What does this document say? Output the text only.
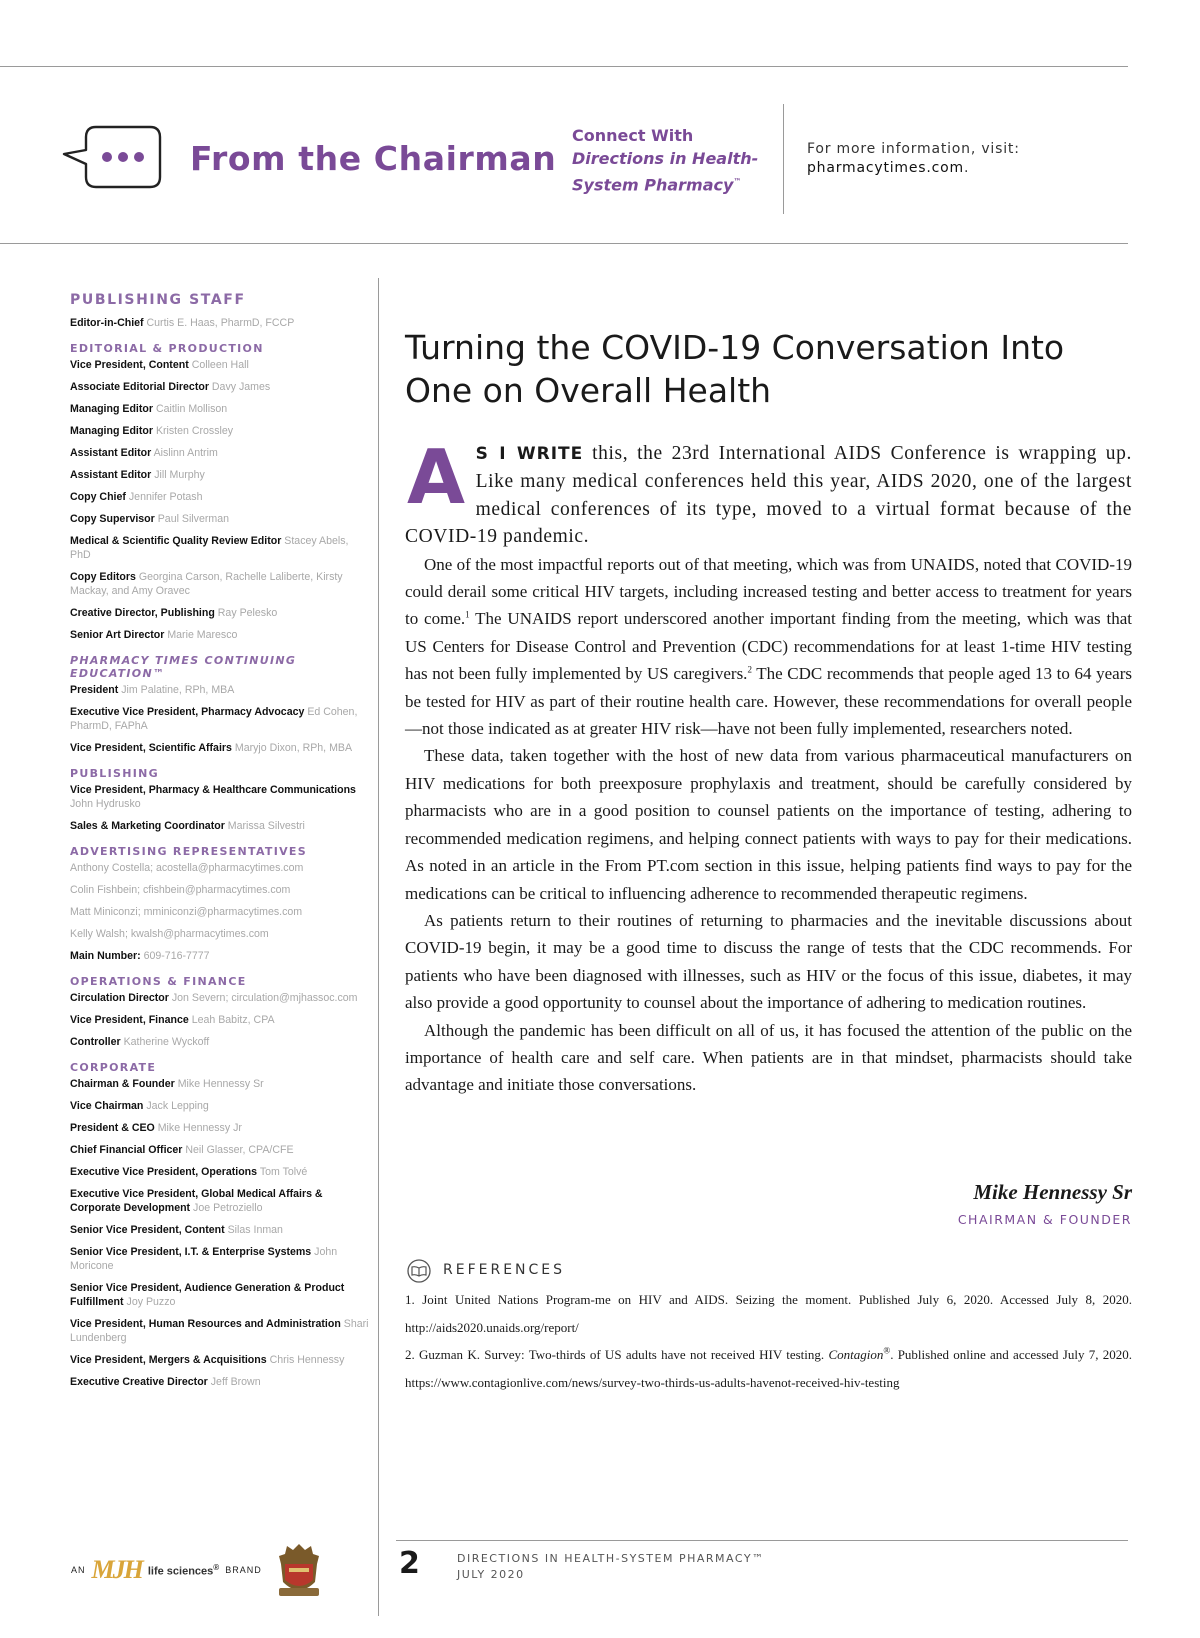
From the Chairman
Connect With
Directions in Health-
System Pharmacy™
For more information, visit:
pharmacytimes.com.
PUBLISHING STAFF
Editor-in-Chief Curtis E. Haas, PharmD, FCCP
EDITORIAL & PRODUCTION
Vice President, Content Colleen Hall
Associate Editorial Director Davy James
Managing Editor Caitlin Mollison
Managing Editor Kristen Crossley
Assistant Editor Aislinn Antrim
Assistant Editor Jill Murphy
Copy Chief Jennifer Potash
Copy Supervisor Paul Silverman
Medical & Scientific Quality Review Editor Stacey Abels, PhD
Copy Editors Georgina Carson, Rachelle Laliberte, Kirsty Mackay, and Amy Oravec
Creative Director, Publishing Ray Pelesko
Senior Art Director Marie Maresco
PHARMACY TIMES CONTINUING EDUCATION™
President Jim Palatine, RPh, MBA
Executive Vice President, Pharmacy Advocacy Ed Cohen, PharmD, FAPhA
Vice President, Scientific Affairs Maryjo Dixon, RPh, MBA
PUBLISHING
Vice President, Pharmacy & Healthcare Communications John Hydrusko
Sales & Marketing Coordinator Marissa Silvestri
ADVERTISING REPRESENTATIVES
Anthony Costella; acostella@pharmacytimes.com
Colin Fishbein; cfishbein@pharmacytimes.com
Matt Miniconzi; mminiconzi@pharmacytimes.com
Kelly Walsh; kwalsh@pharmacytimes.com
Main Number: 609-716-7777
OPERATIONS & FINANCE
Circulation Director Jon Severn; circulation@mjhassoc.com
Vice President, Finance Leah Babitz, CPA
Controller Katherine Wyckoff
CORPORATE
Chairman & Founder Mike Hennessy Sr
Vice Chairman Jack Lepping
President & CEO Mike Hennessy Jr
Chief Financial Officer Neil Glasser, CPA/CFE
Executive Vice President, Operations Tom Tolvé
Executive Vice President, Global Medical Affairs & Corporate Development Joe Petroziello
Senior Vice President, Content Silas Inman
Senior Vice President, I.T. & Enterprise Systems John Moricone
Senior Vice President, Audience Generation & Product Fulfillment Joy Puzzo
Vice President, Human Resources and Administration Shari Lundenberg
Vice President, Mergers & Acquisitions Chris Hennessy
Executive Creative Director Jeff Brown
AN MJH life sciences® BRAND
Turning the COVID-19 Conversation Into One on Overall Health

A S I WRITE this, the 23rd International AIDS Conference is wrapping up. Like many medical conferences held this year, AIDS 2020, one of the largest medical conferences of its type, moved to a virtual format because of the COVID-19 pandemic.

One of the most impactful reports out of that meeting, which was from UNAIDS, noted that COVID-19 could derail some critical HIV targets, including increased testing and better access to treatment for years to come.$^1$ The UNAIDS report underscored another important finding from the meeting, which was that US Centers for Disease Control and Prevention (CDC) recommendations for at least 1-time HIV testing has not been fully implemented by US caregivers.$^2$ The CDC recommends that people aged 13 to 64 years be tested for HIV as part of their routine health care. However, these recommendations for overall people—not those indicated as at greater HIV risk—have not been fully implemented, researchers noted.

These data, taken together with the host of new data from various pharmaceutical manufacturers on HIV medications for both preexposure prophylaxis and treatment, should be carefully considered by pharmacists who are in a good position to counsel patients on the importance of testing, adhering to recommended medication regimens, and helping connect patients with ways to pay for their medications. As noted in an article in the From PT.com section in this issue, helping patients find ways to pay for the medications can be critical to influencing adherence to recommended therapeutic regimens.

As patients return to their routines of returning to pharmacies and the inevitable discussions about COVID-19 begin, it may be a good time to discuss the range of tests that the CDC recommends. For patients who have been diagnosed with illnesses, such as HIV or the focus of this issue, diabetes, it may also provide a good opportunity to counsel about the importance of adhering to medication routines.

Although the pandemic has been difficult on all of us, it has focused the attention of the public on the importance of health care and self care. When patients are in that mindset, pharmacists should take advantage and initiate those conversations.

Mike Hennessy Sr
CHAIRMAN & FOUNDER
REFERENCES

1. Joint United Nations Program-me on HIV and AIDS. Seizing the moment. Published July 6, 2020. Accessed July 8, 2020. http://aids2020.unaids.org/report/

2. Guzman K. Survey: Two-thirds of US adults have not received HIV testing. Contagion®. Published online and accessed July 7, 2020. https://www.contagionlive.com/news/survey-two-thirds-us-adults-havenot-received-hiv-testing

2	DIRECTIONS IN HEALTH-SYSTEM PHARMACY™
JULY 2020
